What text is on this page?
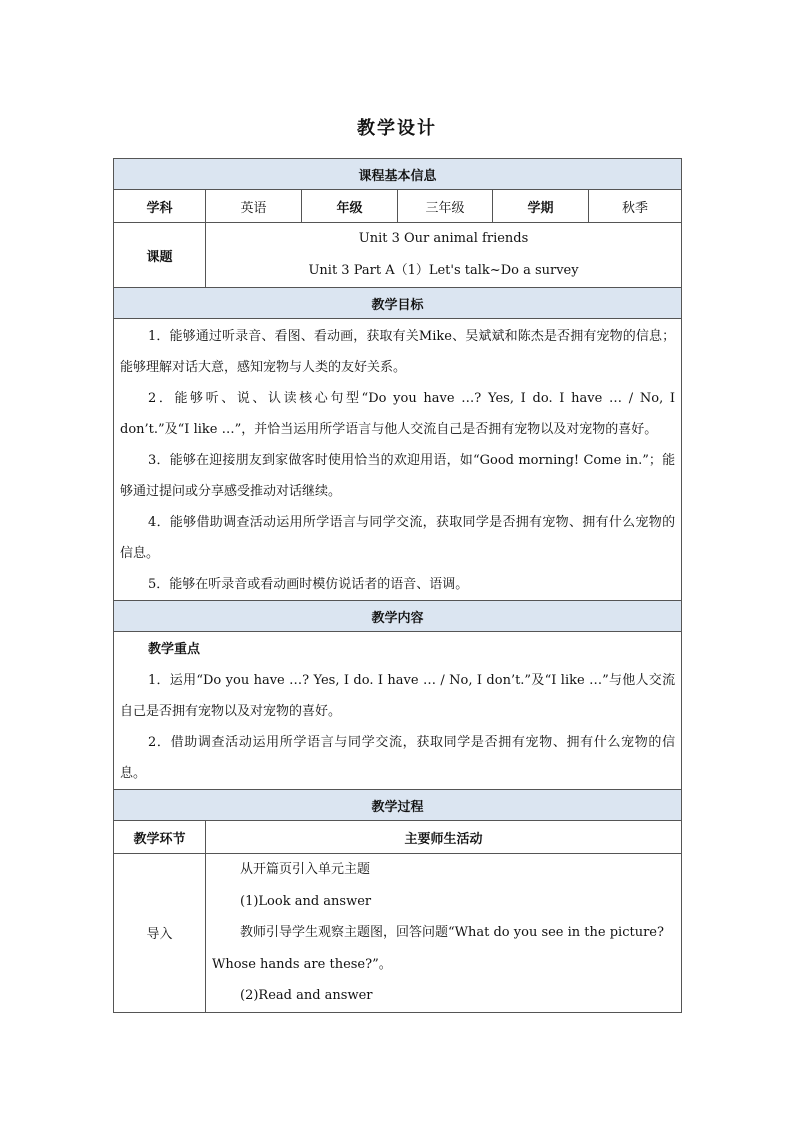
教学设计
课程基本信息					
学科	英语	年级	三年级	学期	秋季
课题	Unit 3 Our animal friends
Unit 3 Part A（1）Let's talk~Do a survey				

教学目标					

1．能够通过听录音、看图、看动画，获取有关Mike、吴斌斌和陈杰是否拥有宠物的信息；能够理解对话大意，感知宠物与人类的友好关系。
2．能够听、说、认读核心句型“Do you have …? Yes, I do. I have … / No, I don’t.”及“I like …”，并恰当运用所学语言与他人交流自己是否拥有宠物以及对宠物的喜好。
3．能够在迎接朋友到家做客时使用恰当的欢迎用语，如“Good morning! Come in.”；能够通过提问或分享感受推动对话继续。
4．能够借助调查活动运用所学语言与同学交流，获取同学是否拥有宠物、拥有什么宠物的信息。
5．能够在听录音或看动画时模仿说话者的语音、语调。					

教学内容					

教学重点
1．运用“Do you have …? Yes, I do. I have … / No, I don’t.”及“I like …”与他人交流自己是否拥有宠物以及对宠物的喜好。
2．借助调查活动运用所学语言与同学交流，获取同学是否拥有宠物、拥有什么宠物的信息。					

教学过程					
教学环节	主要师生活动				
导入	从开篇页引入单元主题
(1)Look and answer
教师引导学生观察主题图，回答问题“What do you see in the picture? Whose hands are these?”。
(2)Read and answer				
